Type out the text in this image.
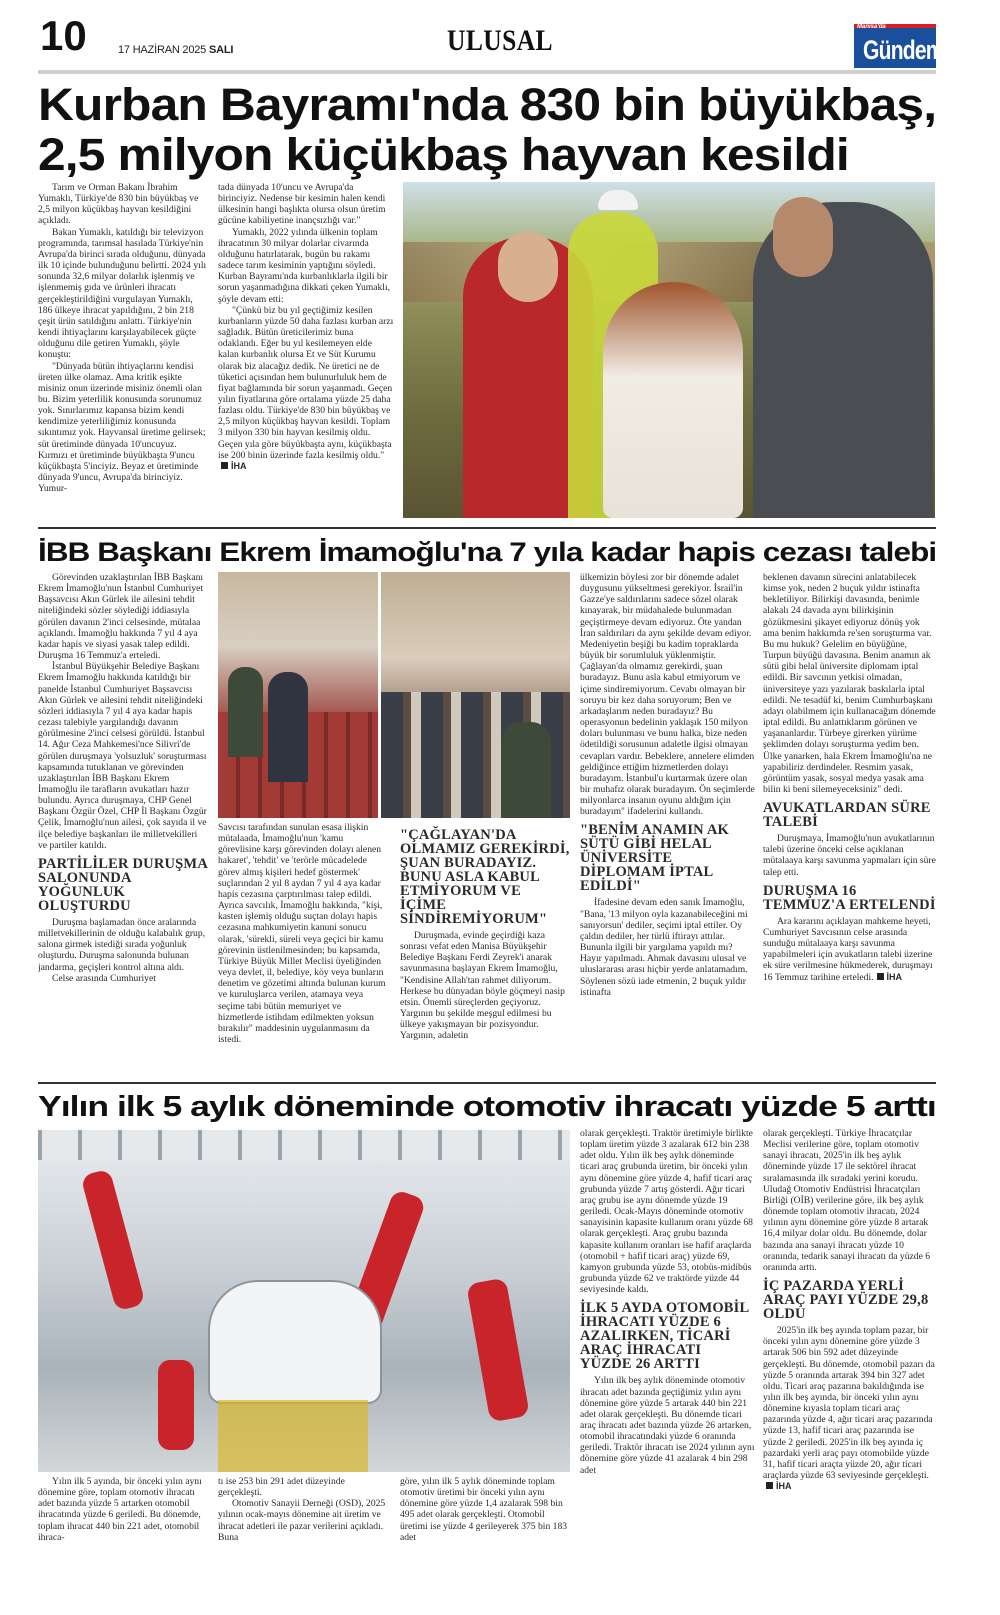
10	17 HAZİRAN 2025 SALI	ULUSAL	Manisa'da
Gündem
Kurban Bayramı'nda 830 bin büyükbaş,
2,5 milyon küçükbaş hayvan kesildi

Tarım ve Orman Bakanı İbrahim Yumaklı, Türkiye'de 830 bin büyükbaş ve 2,5 milyon küçükbaş hayvan kesildiğini açıkladı.

Bakan Yumaklı, katıldığı bir televizyon programında, tarımsal hasılada Türkiye'nin Avrupa'da birinci sırada olduğunu, dünyada ilk 10 içinde bulunduğunu belirtti. 2024 yılı sonunda 32,6 milyar dolarlık işlenmiş ve işlenmemiş gıda ve ürünleri ihracatı gerçekleştirildiğini vurgulayan Yumaklı, 186 ülkeye ihracat yapıldığını, 2 bin 218 çeşit ürün satıldığını anlattı. Türkiye'nin kendi ihtiyaçlarını karşılayabilecek güçte olduğunu dile getiren Yumaklı, şöyle konuştu:

"Dünyada bütün ihtiyaçlarını kendisi üreten ülke olamaz. Ama kritik eşikte misiniz onun üzerinde misiniz önemli olan bu. Bizim yeterlilik konusunda sorunumuz yok. Sınırlarımız kapansa bizim kendi kendimize yeterliliğimiz konusunda sıkıntımız yok. Hayvansal üretime gelirsek; süt üretiminde dünyada 10'uncuyuz. Kırmızı et üretiminde büyükbaşta 9'uncu küçükbaşta 5'inciyiz. Beyaz et üretiminde dünyada 9'uncu, Avrupa'da birinciyiz. Yumur-

tada dünyada 10'uncu ve Avrupa'da birinciyiz. Nedense bir kesimin halen kendi ülkesinin hangi başlıkta olursa olsun üretim gücüne kabiliyetine inançsızlığı var."

Yumaklı, 2022 yılında ülkenin toplam ihracatının 30 milyar dolarlar civarında olduğunu hatırlatarak, bugün bu rakamı sadece tarım kesiminin yaptığını söyledi. Kurban Bayramı'nda kurbanlıklarla ilgili bir sorun yaşanmadığına dikkati çeken Yumaklı, şöyle devam etti:

"Çünkü biz bu yıl geçtiğimiz kesilen kurbanların yüzde 50 daha fazlası kurban arzı sağladık. Bütün üreticilerimiz buna odaklandı. Eğer bu yıl kesilemeyen elde kalan kurbanlık olursa Et ve Süt Kurumu olarak biz alacağız dedik. Ne üretici ne de tüketici açısından hem bulunurluluk hem de fiyat bağlamında bir sorun yaşanmadı. Geçen yılın fiyatlarına göre ortalama yüzde 25 daha fazlası oldu. Türkiye'de 830 bin büyükbaş ve 2,5 milyon küçükbaş hayvan kesildi. Toplam 3 milyon 330 bin hayvan kesilmiş oldu. Geçen yıla göre büyükbaşta aynı, küçükbaşta ise 200 binin üzerinde fazla kesilmiş oldu."İHA

İBB Başkanı Ekrem İmamoğlu'na 7 yıla kadar hapis cezası talebi

Görevinden uzaklaştırılan İBB Başkanı Ekrem İmamoğlu'nun İstanbul Cumhuriyet Başsavcısı Akın Gürlek ile ailesini tehdit niteliğindeki sözler söylediği iddiasıyla görülen davanın 2'inci celsesinde, mütalaa açıklandı. İmamoğlu hakkında 7 yıl 4 aya kadar hapis ve siyasi yasak talep edildi. Duruşma 16 Temmuz'a erteledi.

İstanbul Büyükşehir Belediye Başkanı Ekrem İmamoğlu hakkında katıldığı bir panelde İstanbul Cumhuriyet Başsavcısı Akın Gürlek ve ailesini tehdit niteliğindeki sözleri iddiasıyla 7 yıl 4 aya kadar hapis cezası talebiyle yargılandığı davanın görülmesine 2'inci celsesi görüldü. İstanbul 14. Ağır Ceza Mahkemesi'nce Silivri'de görülen duruşmaya 'yolsuzluk' soruşturması kapsamında tutuklanan ve görevinden uzaklaştırılan İBB Başkanı Ekrem İmamoğlu ile tarafların avukatları hazır bulundu. Ayrıca duruşmaya, CHP Genel Başkanı Özgür Özel, CHP İl Başkanı Özgür Çelik, İmamoğlu'nun ailesi, çok sayıda il ve ilçe belediye başkanları ile milletvekilleri ve partiler katıldı.

PARTİLİLER DURUŞMA SALONUNDA YOĞUNLUK OLUŞTURDU

Duruşma başlamadan önce aralarında milletvekillerinin de olduğu kalabalık grup, salona girmek istediği sırada yoğunluk oluşturdu. Duruşma salonunda bulunan jandarma, geçişleri kontrol altına aldı.

Celse arasında Cumhuriyet

Savcısı tarafından sunulan esasa ilişkin mütalaada, İmamoğlu'nun 'kamu görevlisine karşı görevinden dolayı alenen hakaret', 'tehdit' ve 'terörle mücadelede görev almış kişileri hedef göstermek' suçlarından 2 yıl 8 aydan 7 yıl 4 aya kadar hapis cezasına çarptırılması talep edildi. Ayrıca savcılık, İmamoğlu hakkında, "kişi, kasten işlemiş olduğu suçtan dolayı hapis cezasına mahkumiyetin kanuni sonucu olarak, 'sürekli, süreli veya geçici bir kamu görevinin üstlenilmesinden; bu kapsamda, Türkiye Büyük Millet Meclisi üyeliğinden veya devlet, il, belediye, köy veya bunların denetim ve gözetimi altında bulunan kurum ve kuruluşlarca verilen, atamaya veya seçime tabi bütün memuriyet ve hizmetlerde istihdam edilmekten yoksun bırakılır" maddesinin uygulanmasını da istedi.

"ÇAĞLAYAN'DA OLMAMIZ GEREKİRDİ, ŞUAN BURADAYIZ. BUNU ASLA KABUL ETMİYORUM VE İÇİME SİNDİREMİYORUM"

Duruşmada, evinde geçirdiği kaza sonrası vefat eden Manisa Büyükşehir Belediye Başkanı Ferdi Zeyrek'i anarak savunmasına başlayan Ekrem İmamoğlu, "Kendisine Allah'tan rahmet diliyorum. Herkese bu dünyadan böyle göçmeyi nasip etsin. Önemli süreçlerden geçiyoruz. Yargının bu şekilde meşgul edilmesi bu ülkeye yakışmayan bir pozisyondur. Yargının, adaletin

ülkemizin böylesi zor bir dönemde adalet duygusunu yükseltmesi gerekiyor. İsrail'in Gazze'ye saldırılarını sadece sözel olarak kınayarak, bir müdahalede bulunmadan geçiştirmeye devam ediyoruz. Öte yandan İran saldırıları da aynı şekilde devam ediyor. Medeniyetin beşiği bu kadim topraklarda büyük bir sorumluluk yüklenmiştir. Çağlayan'da olmamız gerekirdi, şuan buradayız. Bunu asla kabul etmiyorum ve içime sindiremiyorum. Cevabı olmayan bir soruyu bir kez daha soruyorum; Ben ve arkadaşlarım neden buradayız? Bu operasyonun bedelinin yaklaşık 150 milyon doları bulunması ve bunu halka, bize neden ödetildiği sorusunun adaletle ilgisi olmayan cevapları vardır. Bebeklere, annelere elimden geldiğince ettiğim hizmetlerden dolayı buradayım. İstanbul'u kurtarmak üzere olan bir muhafız olarak buradayım. Ön seçimlerde milyonlarca insanın oyunu aldığım için buradayım" ifadelerini kullandı.

"BENİM ANAMIN AK SÜTÜ GİBİ HELAL ÜNİVERSİTE DİPLOMAM İPTAL EDİLDİ"

İfadesine devam eden sanık İmamoğlu, "Bana, '13 milyon oyla kazanabileceğini mi sanıyorsun' dediler, seçimi iptal ettiler. Oy çaldın dediler, her türlü iftirayı attılar. Bununla ilgili bir yargılama yapıldı mı? Hayır yapılmadı. Ahmak davasını ulusal ve uluslararası arası hiçbir yerde anlatamadım. Söylenen sözü iade etmenin, 2 buçuk yıldır istinafta

beklenen davanın sürecini anlatabilecek kimse yok, neden 2 buçuk yıldır istinafta bekletiliyor. Bilirkişi davasında, benimle alakalı 24 davada aynı bilirkişinin gözükmesini şikayet ediyoruz dönüş yok ama benim hakkımda re'sen soruşturma var. Bu mu hukuk? Gelelim en büyüğüne, Turpun büyüğü davasına. Benim anamın ak sütü gibi helal üniversite diplomam iptal edildi. Bir savcının yetkisi olmadan, üniversiteye yazı yazılarak baskılarla iptal edildi. Ne tesadüf ki, benim Cumhurbaşkanı adayı olabilmem için kullanacağım dönemde iptal edildi. Bu anlattıklarım görünen ve yaşananlardır. Türbeye girerken yürüme şeklimden dolayı soruşturma yedim ben. Ülke yanarken, hala Ekrem İmamoğlu'na ne yapabiliriz derdindeler. Resmim yasak, görüntüm yasak, sosyal medya yasak ama bilin ki beni silemeyeceksiniz" dedi.

AVUKATLARDAN SÜRE TALEBİ

Duruşmaya, İmamoğlu'nun avukatlarının talebi üzerine önceki celse açıklanan mütalaaya karşı savunma yapmaları için süre talep etti.

DURUŞMA 16 TEMMUZ'A ERTELENDİ

Ara kararını açıklayan mahkeme heyeti, Cumhuriyet Savcısının celse arasında sunduğu mütalaaya karşı savunma yapabilmeleri için avukatların talebi üzerine ek süre verilmesine hükmederek, duruşmayı 16 Temmuz tarihine erteledi. İHA

Yılın ilk 5 aylık döneminde otomotiv ihracatı yüzde 5 arttı

Yılın ilk 5 ayında, bir önceki yılın aynı dönemine göre, toplam otomotiv ihracatı adet bazında yüzde 5 artarken otomobil ihracatında yüzde 6 geriledi. Bu dönemde, toplam ihracat 440 bin 221 adet, otomobil ihraca-

tı ise 253 bin 291 adet düzeyinde gerçekleşti.

Otomotiv Sanayii Derneği (OSD), 2025 yılının ocak-mayıs dönemine ait üretim ve ihracat adetleri ile pazar verilerini açıkladı. Buna

göre, yılın ilk 5 aylık döneminde toplam otomotiv üretimi bir önceki yılın aynı dönemine göre yüzde 1,4 azalarak 598 bin 495 adet olarak gerçekleşti. Otomobil üretimi ise yüzde 4 gerileyerek 375 bin 183 adet

olarak gerçekleşti. Traktör üretimiyle birlikte toplam üretim yüzde 3 azalarak 612 bin 238 adet oldu. Yılın ilk beş aylık döneminde ticari araç grubunda üretim, bir önceki yılın aynı dönemine göre yüzde 4, hafif ticari araç grubunda yüzde 7 artış gösterdi. Ağır ticari araç grubu ise aynı dönemde yüzde 19 geriledi. Ocak-Mayıs döneminde otomotiv sanayisinin kapasite kullanım oranı yüzde 68 olarak gerçekleşti. Araç grubu bazında kapasite kullanım oranları ise hafif araçlarda (otomobil + hafif ticari araç) yüzde 69, kamyon grubunda yüzde 53, otobüs-midibüs grubunda yüzde 62 ve traktörde yüzde 44 seviyesinde kaldı.

İLK 5 AYDA OTOMOBİL İHRACATI YÜZDE 6 AZALIRKEN, TİCARİ ARAÇ İHRACATI YÜZDE 26 ARTTI

Yılın ilk beş aylık döneminde otomotiv ihracatı adet bazında geçtiğimiz yılın aynı dönemine göre yüzde 5 artarak 440 bin 221 adet olarak gerçekleşti. Bu dönemde ticari araç ihracatı adet bazında yüzde 26 artarken, otomobil ihracatındaki yüzde 6 oranında geriledi. Traktör ihracatı ise 2024 yılının aynı dönemine göre yüzde 41 azalarak 4 bin 298 adet

olarak gerçekleşti. Türkiye İhracatçılar Meclisi verilerine göre, toplam otomotiv sanayi ihracatı, 2025'in ilk beş aylık döneminde yüzde 17 ile sektörel ihracat sıralamasında ilk sıradaki yerini korudu. Uludağ Otomotiv Endüstrisi İhracatçıları Birliği (OİB) verilerine göre, ilk beş aylık dönemde toplam otomotiv ihracatı, 2024 yılının aynı dönemine göre yüzde 8 artarak 16,4 milyar dolar oldu. Bu dönemde, dolar bazında ana sanayi ihracatı yüzde 10 oranında, tedarik sanayi ihracatı da yüzde 6 oranında arttı.

İÇ PAZARDA YERLİ ARAÇ PAYI YÜZDE 29,8 OLDU

2025'in ilk beş ayında toplam pazar, bir önceki yılın aynı dönemine göre yüzde 3 artarak 506 bin 592 adet düzeyinde gerçekleşti. Bu dönemde, otomobil pazarı da yüzde 5 oranında artarak 394 bin 327 adet oldu. Ticari araç pazarına bakıldığında ise yılın ilk beş ayında, bir önceki yılın aynı dönemine kıyasla toplam ticari araç pazarında yüzde 4, ağır ticari araç pazarında yüzde 13, hafif ticari araç pazarında ise yüzde 2 geriledi. 2025'in ilk beş ayında iç pazardaki yerli araç payı otomobilde yüzde 31, hafif ticari araçta yüzde 20, ağır ticari araçlarda yüzde 63 seviyesinde gerçekleşti.İHA
